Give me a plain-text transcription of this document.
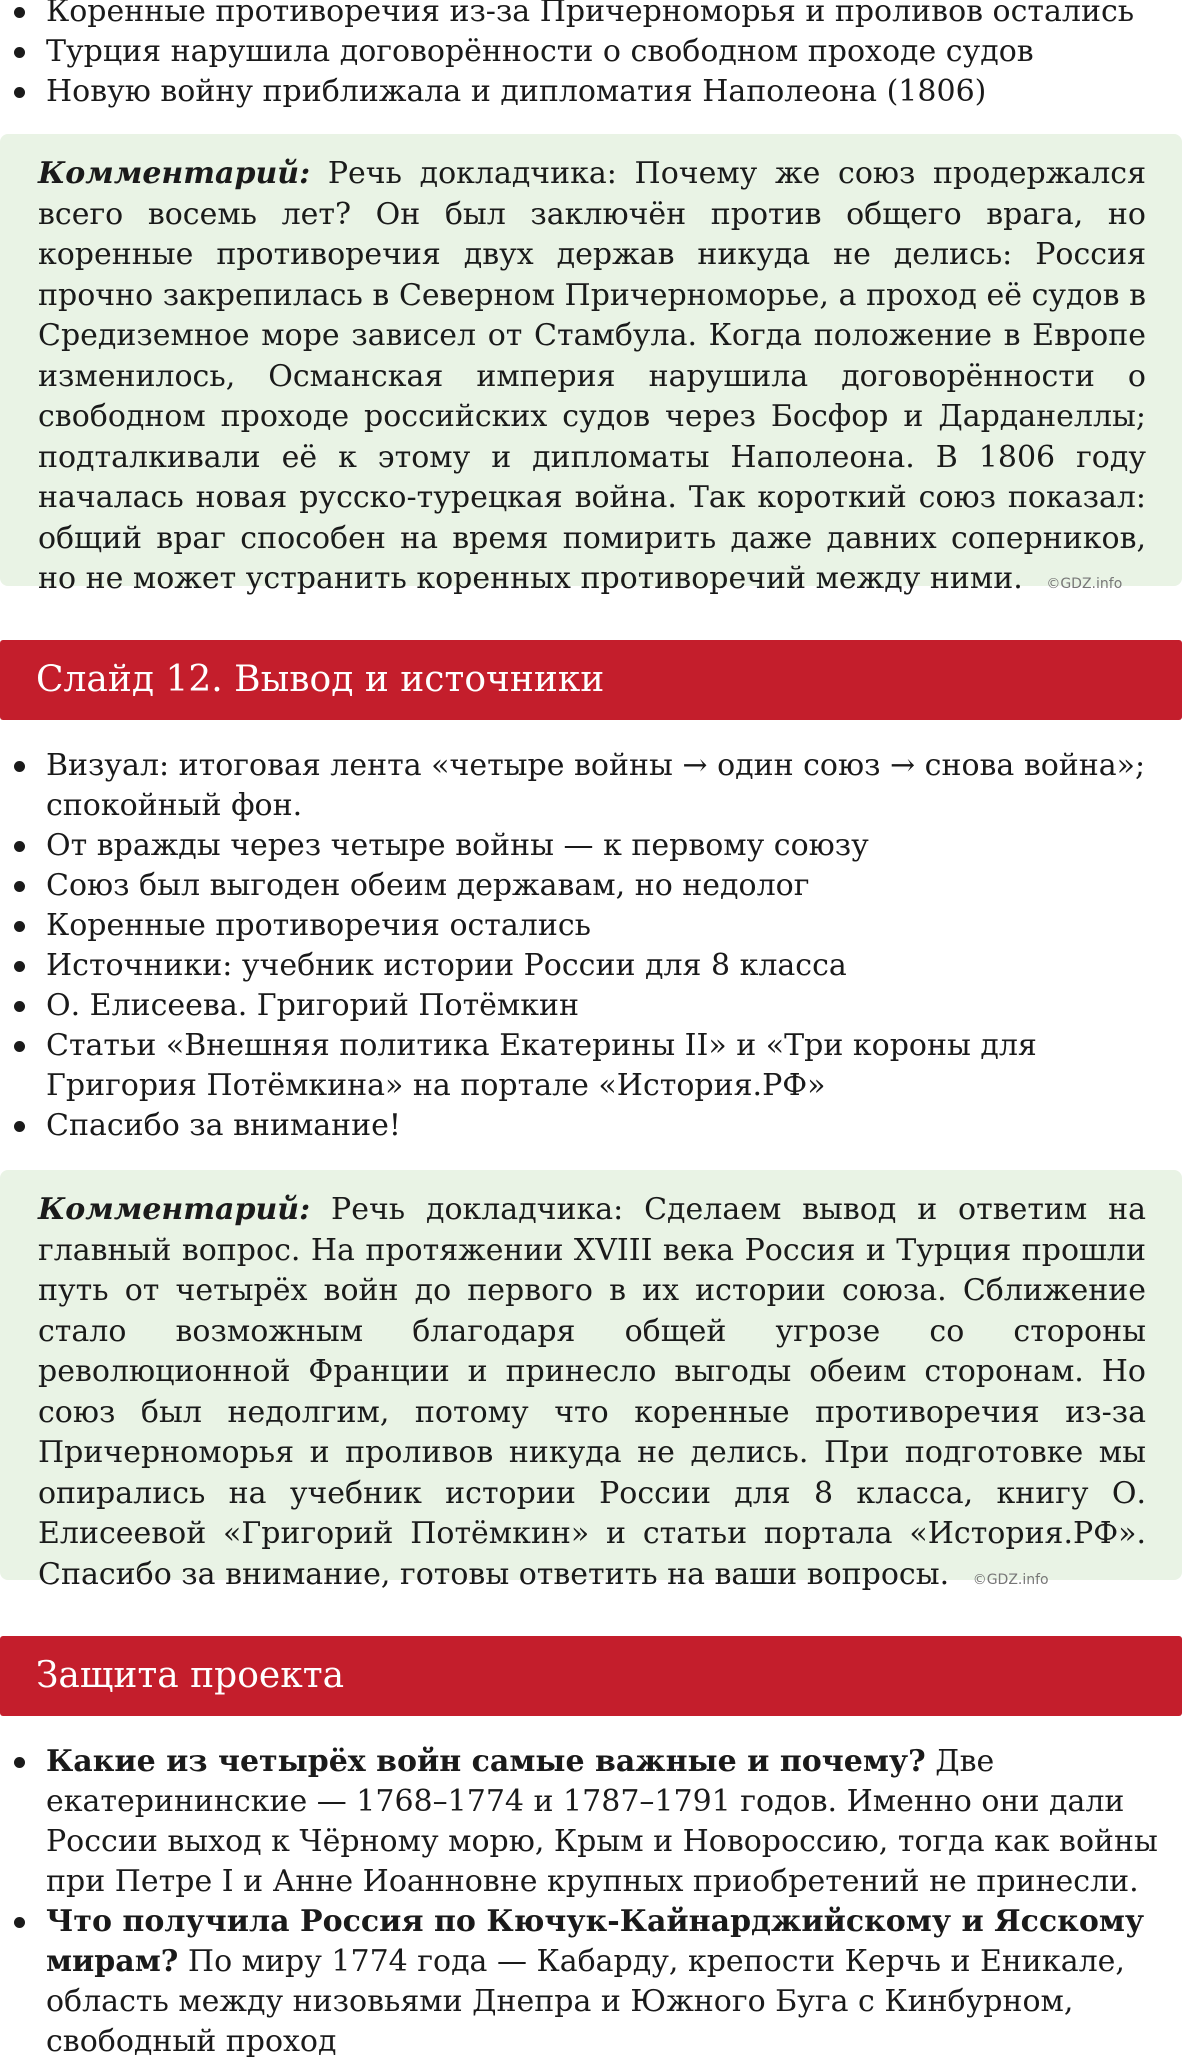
Коренные противоречия из-за Причерноморья и проливов остались
Турция нарушила договорённости о свободном проходе судов
Новую войну приближала и дипломатия Наполеона (1806)
Комментарий: Речь докладчика: Почему же союз продержался всего восемь лет? Он был заключён против общего врага, но коренные противоречия двух держав никуда не делись: Россия прочно закрепилась в Северном Причерноморье, а проход её судов в Средиземное море зависел от Стамбула. Когда положение в Европе изменилось, Османская империя нарушила договорённости о свободном проходе российских судов через Босфор и Дарданеллы; подталкивали её к этому и дипломаты Наполеона. В 1806 году началась новая русско-турецкая война. Так короткий союз показал: общий враг способен на время помирить даже давних соперников, но не может устранить коренных противоречий между ними. ©GDZ.info
Слайд 12. Вывод и источники
Визуал: итоговая лента «четыре войны → один союз → снова война»; спокойный фон.
От вражды через четыре войны — к первому союзу
Союз был выгоден обеим державам, но недолог
Коренные противоречия остались
Источники: учебник истории России для 8 класса
О. Елисеева. Григорий Потёмкин
Статьи «Внешняя политика Екатерины II» и «Три короны для Григория Потёмкина» на портале «История.РФ»
Спасибо за внимание!
Комментарий: Речь докладчика: Сделаем вывод и ответим на главный вопрос. На протяжении XVIII века Россия и Турция прошли путь от четырёх войн до первого в их истории союза. Сближение стало возможным благодаря общей угрозе со стороны революционной Франции и принесло выгоды обеим сторонам. Но союз был недолгим, потому что коренные противоречия из-за Причерноморья и проливов никуда не делись. При подготовке мы опирались на учебник истории России для 8 класса, книгу О. Елисеевой «Григорий Потёмкин» и статьи портала «История.РФ». Спасибо за внимание, готовы ответить на ваши вопросы. ©GDZ.info
Защита проекта
Какие из четырёх войн самые важные и почему? Две екатерининские — 1768–1774 и 1787–1791 годов. Именно они дали России выход к Чёрному морю, Крым и Новороссию, тогда как войны при Петре I и Анне Иоанновне крупных приобретений не принесли.
Что получила Россия по Кючук-Кайнарджийскому и Ясскому мирам? По миру 1774 года — Кабарду, крепости Керчь и Еникале, область между низовьями Днепра и Южного Буга с Кинбурном, свободный проход
